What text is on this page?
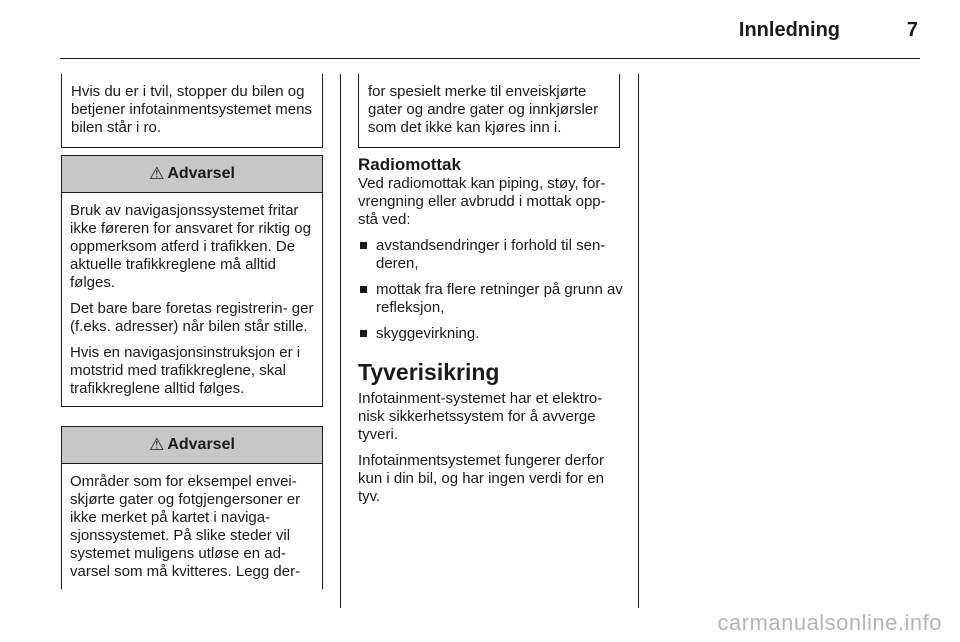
Innledning	7
Hvis du er i tvil, stopper du bilen og betjener infotainmentsystemet mens bilen står i ro.
⚠ Advarsel

Bruk av navigasjonssystemet fritar ikke føreren for ansvaret for riktig og oppmerksom atferd i trafikken. De aktuelle trafikkreglene må alltid følges.

Det bare bare foretas registrerin- ger (f.eks. adresser) når bilen står stille.

Hvis en navigasjonsinstruksjon er i motstrid med trafikkreglene, skal trafikkreglene alltid følges.

⚠ Advarsel

Områder som for eksempel envei- skjørte gater og fotgjengersoner er ikke merket på kartet i naviga- sjonssystemet. På slike steder vil systemet muligens utløse en ad- varsel som må kvitteres. Legg der-

for spesielt merke til enveiskjørte gater og andre gater og innkjørsler som det ikke kan kjøres inn i.
Radiomottak
Ved radiomottak kan piping, støy, for- vrengning eller avbrudd i mottak opp- stå ved:
avstandsendringer i forhold til sen- deren,
mottak fra flere retninger på grunn av refleksjon,
skyggevirkning.
Tyverisikring
Infotainment-systemet har et elektro- nisk sikkerhetssystem for å avverge tyveri.
Infotainmentsystemet fungerer derfor kun i din bil, og har ingen verdi for en tyv.
carmanualsonline.info
